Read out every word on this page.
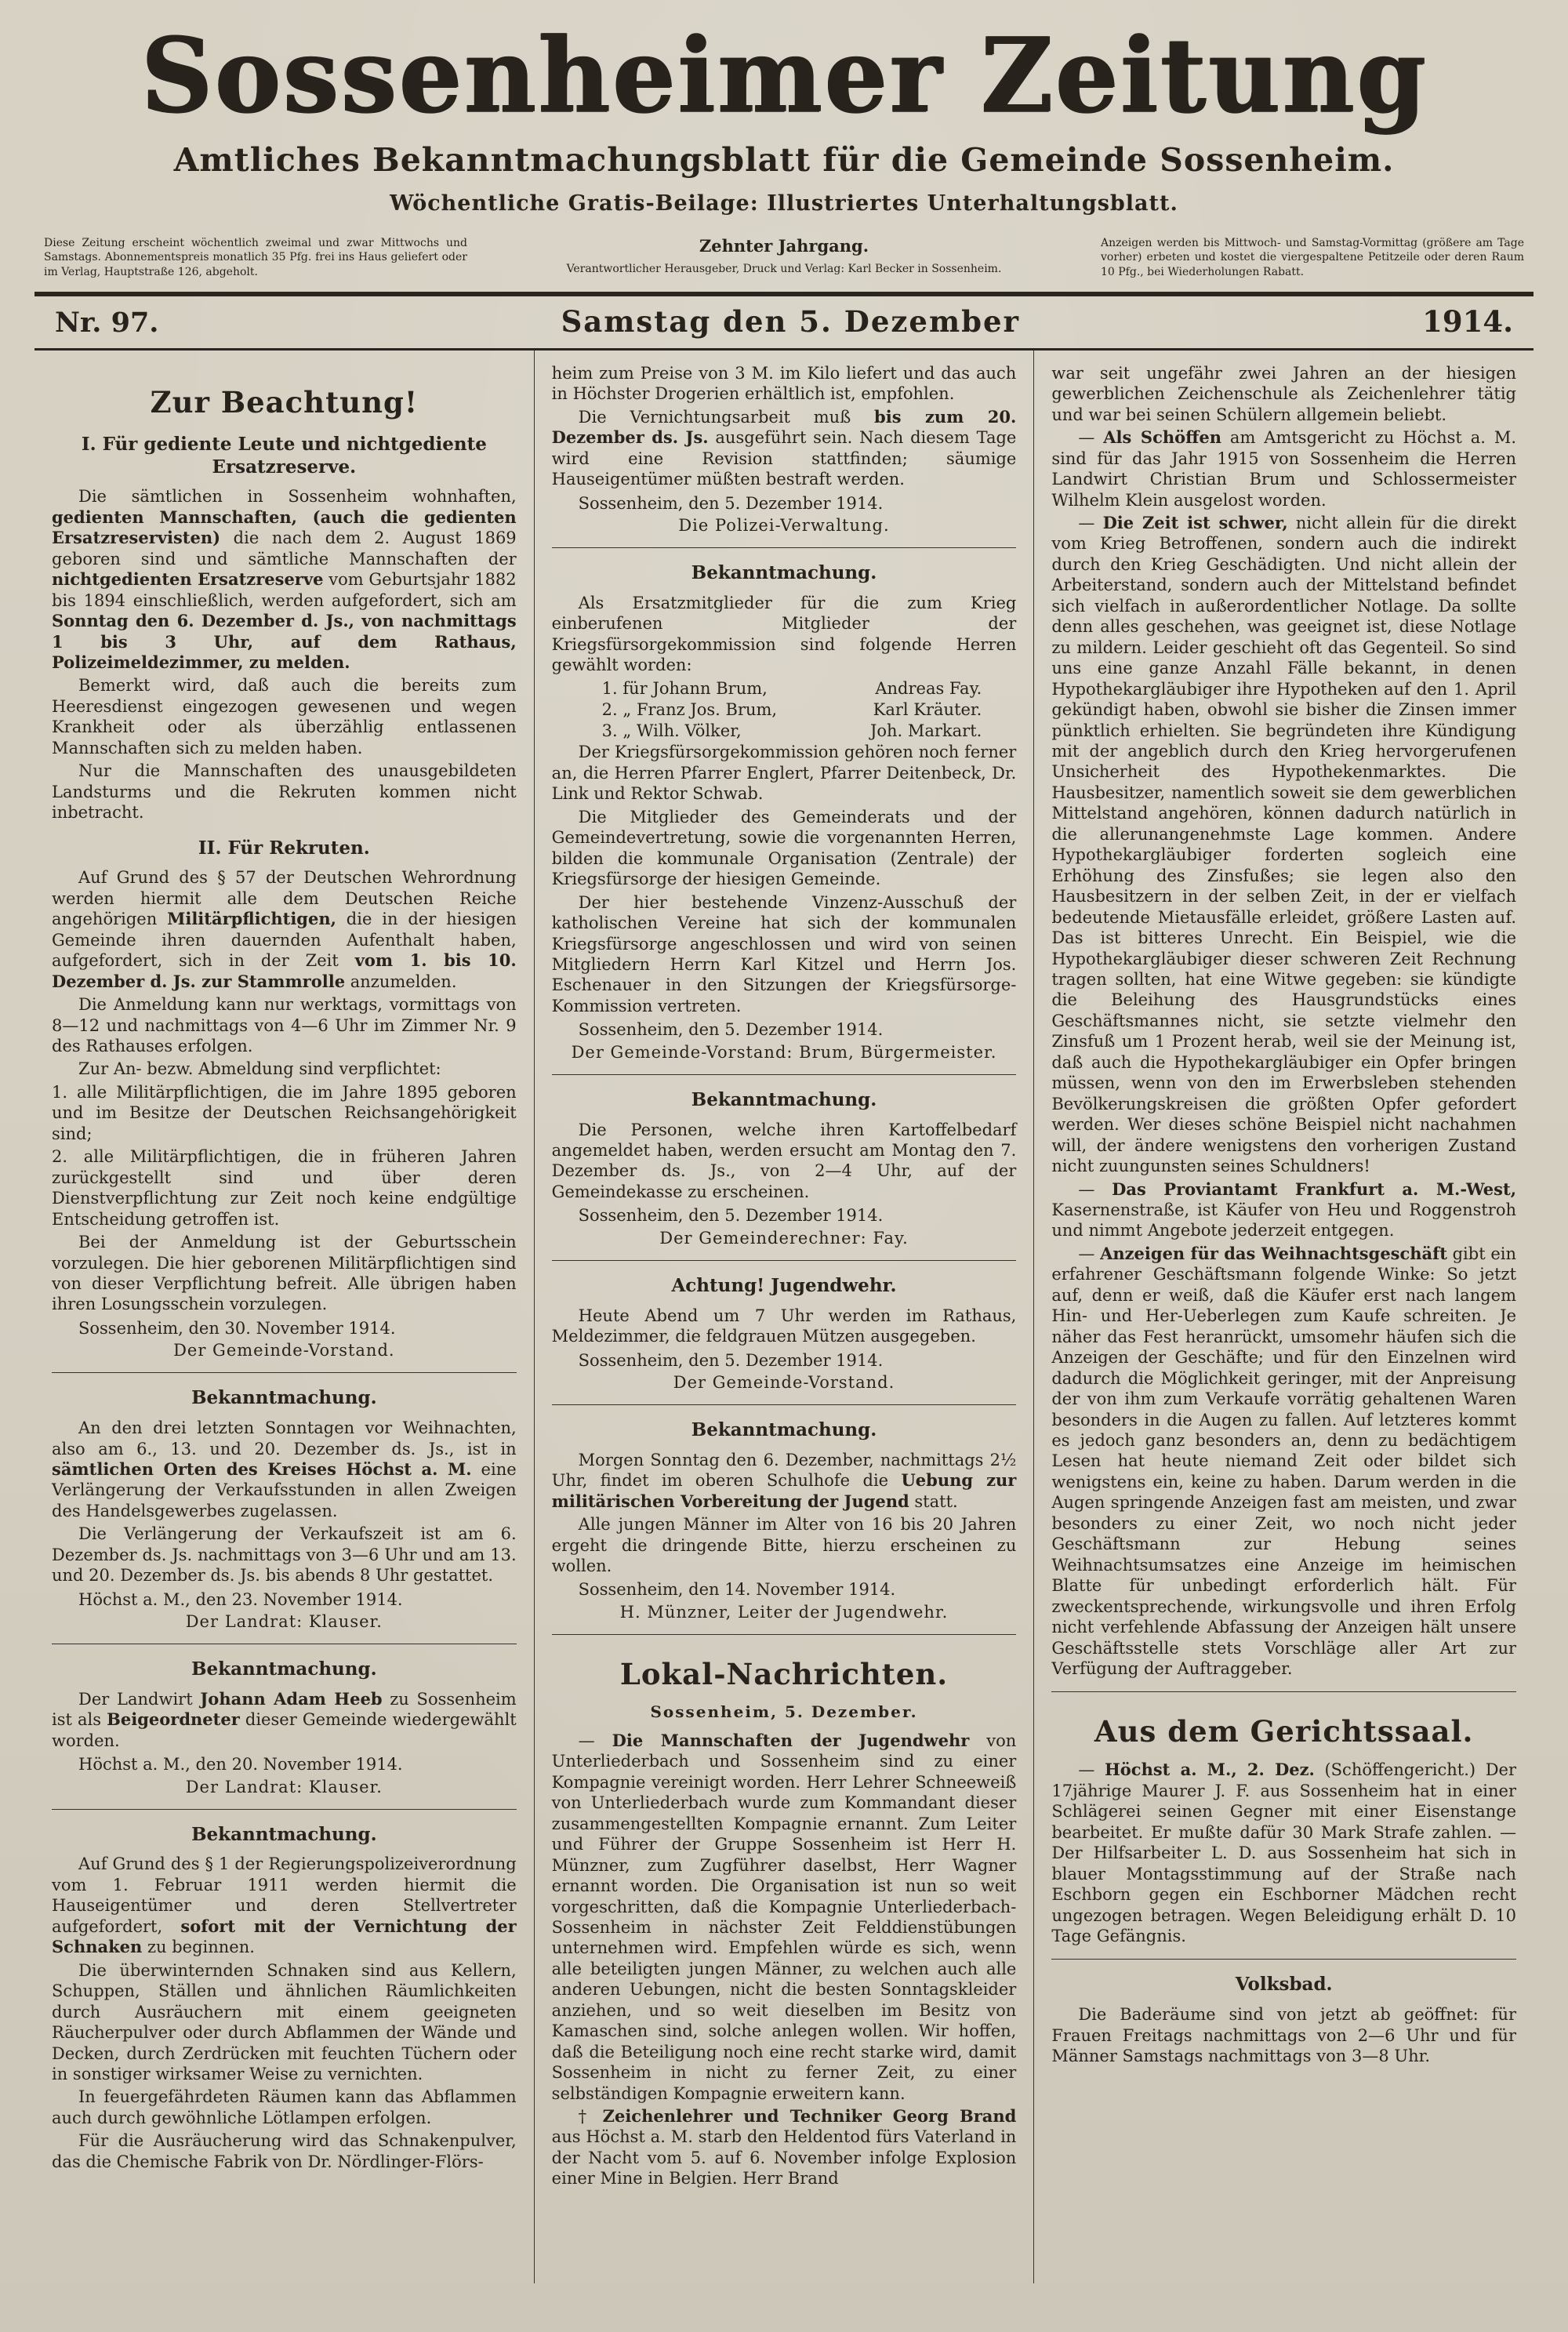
Sossenheimer Zeitung
Amtliches Bekanntmachungsblatt für die Gemeinde Sossenheim.
Wöchentliche Gratis-Beilage: Illustriertes Unterhaltungsblatt.
Diese Zeitung erscheint wöchentlich zweimal und zwar Mittwochs und Samstags. Abonnementspreis monatlich 35 Pfg. frei ins Haus geliefert oder im Verlag, Hauptstraße 126, abgeholt.
Zehnter Jahrgang.
Verantwortlicher Herausgeber, Druck und Verlag: Karl Becker in Sossenheim.
Anzeigen werden bis Mittwoch- und Samstag-Vormittag (größere am Tage vorher) erbeten und kostet die viergespaltene Petitzeile oder deren Raum 10 Pfg., bei Wiederholungen Rabatt.
Nr. 97.	Samstag den 5. Dezember	1914.
Zur Beachtung!
I. Für gediente Leute und nichtgediente Ersatzreserve.

Die sämtlichen in Sossenheim wohnhaften, gedienten Mannschaften, (auch die gedienten Ersatzreservisten) die nach dem 2. August 1869 geboren sind und sämtliche Mannschaften der nichtgedienten Ersatzreserve vom Geburtsjahr 1882 bis 1894 einschließlich, werden aufgefordert, sich am Sonntag den 6. Dezember d. Js., von nachmittags 1 bis 3 Uhr, auf dem Rathaus, Polizeimeldezimmer, zu melden.

Bemerkt wird, daß auch die bereits zum Heeresdienst eingezogen gewesenen und wegen Krankheit oder als überzählig entlassenen Mannschaften sich zu melden haben.

Nur die Mannschaften des unausgebildeten Landsturms und die Rekruten kommen nicht inbetracht.

II. Für Rekruten.

Auf Grund des § 57 der Deutschen Wehrordnung werden hiermit alle dem Deutschen Reiche angehörigen Militärpflichtigen, die in der hiesigen Gemeinde ihren dauernden Aufenthalt haben, aufgefordert, sich in der Zeit vom 1. bis 10. Dezember d. Js. zur Stammrolle anzumelden.

Die Anmeldung kann nur werktags, vormittags von 8—12 und nachmittags von 4—6 Uhr im Zimmer Nr. 9 des Rathauses erfolgen.

Zur An- bezw. Abmeldung sind verpflichtet:

1. alle Militärpflichtigen, die im Jahre 1895 geboren und im Besitze der Deutschen Reichsangehörigkeit sind;

2. alle Militärpflichtigen, die in früheren Jahren zurückgestellt sind und über deren Dienstverpflichtung zur Zeit noch keine endgültige Entscheidung getroffen ist.

Bei der Anmeldung ist der Geburtsschein vorzulegen. Die hier geborenen Militärpflichtigen sind von dieser Verpflichtung befreit. Alle übrigen haben ihren Losungsschein vorzulegen.

Sossenheim, den 30. November 1914.

Der Gemeinde-Vorstand.

Bekanntmachung.

An den drei letzten Sonntagen vor Weihnachten, also am 6., 13. und 20. Dezember ds. Js., ist in sämtlichen Orten des Kreises Höchst a. M. eine Verlängerung der Verkaufsstunden in allen Zweigen des Handelsgewerbes zugelassen.

Die Verlängerung der Verkaufszeit ist am 6. Dezember ds. Js. nachmittags von 3—6 Uhr und am 13. und 20. Dezember ds. Js. bis abends 8 Uhr gestattet.

Höchst a. M., den 23. November 1914.

Der Landrat: Klauser.

Bekanntmachung.

Der Landwirt Johann Adam Heeb zu Sossenheim ist als Beigeordneter dieser Gemeinde wiedergewählt worden.

Höchst a. M., den 20. November 1914.

Der Landrat: Klauser.

Bekanntmachung.

Auf Grund des § 1 der Regierungspolizeiverordnung vom 1. Februar 1911 werden hiermit die Hauseigentümer und deren Stellvertreter aufgefordert, sofort mit der Vernichtung der Schnaken zu beginnen.

Die überwinternden Schnaken sind aus Kellern, Schuppen, Ställen und ähnlichen Räumlichkeiten durch Ausräuchern mit einem geeigneten Räucherpulver oder durch Abflammen der Wände und Decken, durch Zerdrücken mit feuchten Tüchern oder in sonstiger wirksamer Weise zu vernichten.

In feuergefährdeten Räumen kann das Abflammen auch durch gewöhnliche Lötlampen erfolgen.

Für die Ausräucherung wird das Schnakenpulver, das die Chemische Fabrik von Dr. Nördlinger-Flörs-

heim zum Preise von 3 M. im Kilo liefert und das auch in Höchster Drogerien erhältlich ist, empfohlen.

Die Vernichtungsarbeit muß bis zum 20. Dezember ds. Js. ausgeführt sein. Nach diesem Tage wird eine Revision stattfinden; säumige Hauseigentümer müßten bestraft werden.

Sossenheim, den 5. Dezember 1914.

Die Polizei-Verwaltung.

Bekanntmachung.

Als Ersatzmitglieder für die zum Krieg einberufenen Mitglieder der Kriegsfürsorgekommission sind folgende Herren gewählt worden:

1. für Johann Brum,	Andreas Fay.
2. „ Franz Jos. Brum,	Karl Kräuter.
3. „ Wilh. Völker,	Joh. Markart.

Der Kriegsfürsorgekommission gehören noch ferner an, die Herren Pfarrer Englert, Pfarrer Deitenbeck, Dr. Link und Rektor Schwab.

Die Mitglieder des Gemeinderats und der Gemeindevertretung, sowie die vorgenannten Herren, bilden die kommunale Organisation (Zentrale) der Kriegsfürsorge der hiesigen Gemeinde.

Der hier bestehende Vinzenz-Ausschuß der katholischen Vereine hat sich der kommunalen Kriegsfürsorge angeschlossen und wird von seinen Mitgliedern Herrn Karl Kitzel und Herrn Jos. Eschenauer in den Sitzungen der Kriegsfürsorge-Kommission vertreten.

Sossenheim, den 5. Dezember 1914.

Der Gemeinde-Vorstand: Brum, Bürgermeister.

Bekanntmachung.

Die Personen, welche ihren Kartoffelbedarf angemeldet haben, werden ersucht am Montag den 7. Dezember ds. Js., von 2—4 Uhr, auf der Gemeindekasse zu erscheinen.

Sossenheim, den 5. Dezember 1914.

Der Gemeinderechner: Fay.

Achtung! Jugendwehr.

Heute Abend um 7 Uhr werden im Rathaus, Meldezimmer, die feldgrauen Mützen ausgegeben.

Sossenheim, den 5. Dezember 1914.

Der Gemeinde-Vorstand.

Bekanntmachung.

Morgen Sonntag den 6. Dezember, nachmittags 2½ Uhr, findet im oberen Schulhofe die Uebung zur militärischen Vorbereitung der Jugend statt.

Alle jungen Männer im Alter von 16 bis 20 Jahren ergeht die dringende Bitte, hierzu erscheinen zu wollen.

Sossenheim, den 14. November 1914.

H. Münzner, Leiter der Jugendwehr.

Lokal-Nachrichten.
Sossenheim, 5. Dezember.

— Die Mannschaften der Jugendwehr von Unterliederbach und Sossenheim sind zu einer Kompagnie vereinigt worden. Herr Lehrer Schneeweiß von Unterliederbach wurde zum Kommandant dieser zusammengestellten Kompagnie ernannt. Zum Leiter und Führer der Gruppe Sossenheim ist Herr H. Münzner, zum Zugführer daselbst, Herr Wagner ernannt worden. Die Organisation ist nun so weit vorgeschritten, daß die Kompagnie Unterliederbach-Sossenheim in nächster Zeit Felddienstübungen unternehmen wird. Empfehlen würde es sich, wenn alle beteiligten jungen Männer, zu welchen auch alle anderen Uebungen, nicht die besten Sonntagskleider anziehen, und so weit dieselben im Besitz von Kamaschen sind, solche anlegen wollen. Wir hoffen, daß die Beteiligung noch eine recht starke wird, damit Sossenheim in nicht zu ferner Zeit, zu einer selbständigen Kompagnie erweitern kann.

† Zeichenlehrer und Techniker Georg Brand aus Höchst a. M. starb den Heldentod fürs Vaterland in der Nacht vom 5. auf 6. November infolge Explosion einer Mine in Belgien. Herr Brand

war seit ungefähr zwei Jahren an der hiesigen gewerblichen Zeichenschule als Zeichenlehrer tätig und war bei seinen Schülern allgemein beliebt.

— Als Schöffen am Amtsgericht zu Höchst a. M. sind für das Jahr 1915 von Sossenheim die Herren Landwirt Christian Brum und Schlossermeister Wilhelm Klein ausgelost worden.

— Die Zeit ist schwer, nicht allein für die direkt vom Krieg Betroffenen, sondern auch die indirekt durch den Krieg Geschädigten. Und nicht allein der Arbeiterstand, sondern auch der Mittelstand befindet sich vielfach in außerordentlicher Notlage. Da sollte denn alles geschehen, was geeignet ist, diese Notlage zu mildern. Leider geschieht oft das Gegenteil. So sind uns eine ganze Anzahl Fälle bekannt, in denen Hypothekargläubiger ihre Hypotheken auf den 1. April gekündigt haben, obwohl sie bisher die Zinsen immer pünktlich erhielten. Sie begründeten ihre Kündigung mit der angeblich durch den Krieg hervorgerufenen Unsicherheit des Hypothekenmarktes. Die Hausbesitzer, namentlich soweit sie dem gewerblichen Mittelstand angehören, können dadurch natürlich in die allerunangenehmste Lage kommen. Andere Hypothekargläubiger forderten sogleich eine Erhöhung des Zinsfußes; sie legen also den Hausbesitzern in der selben Zeit, in der er vielfach bedeutende Mietausfälle erleidet, größere Lasten auf. Das ist bitteres Unrecht. Ein Beispiel, wie die Hypothekargläubiger dieser schweren Zeit Rechnung tragen sollten, hat eine Witwe gegeben: sie kündigte die Beleihung des Hausgrundstücks eines Geschäftsmannes nicht, sie setzte vielmehr den Zinsfuß um 1 Prozent herab, weil sie der Meinung ist, daß auch die Hypothekargläubiger ein Opfer bringen müssen, wenn von den im Erwerbsleben stehenden Bevölkerungskreisen die größten Opfer gefordert werden. Wer dieses schöne Beispiel nicht nachahmen will, der ändere wenigstens den vorherigen Zustand nicht zuungunsten seines Schuldners!

— Das Proviantamt Frankfurt a. M.-West, Kasernenstraße, ist Käufer von Heu und Roggenstroh und nimmt Angebote jederzeit entgegen.

— Anzeigen für das Weihnachtsgeschäft gibt ein erfahrener Geschäftsmann folgende Winke: So jetzt auf, denn er weiß, daß die Käufer erst nach langem Hin- und Her-Ueberlegen zum Kaufe schreiten. Je näher das Fest heranrückt, umsomehr häufen sich die Anzeigen der Geschäfte; und für den Einzelnen wird dadurch die Möglichkeit geringer, mit der Anpreisung der von ihm zum Verkaufe vorrätig gehaltenen Waren besonders in die Augen zu fallen. Auf letzteres kommt es jedoch ganz besonders an, denn zu bedächtigem Lesen hat heute niemand Zeit oder bildet sich wenigstens ein, keine zu haben. Darum werden in die Augen springende Anzeigen fast am meisten, und zwar besonders zu einer Zeit, wo noch nicht jeder Geschäftsmann zur Hebung seines Weihnachtsumsatzes eine Anzeige im heimischen Blatte für unbedingt erforderlich hält. Für zweckentsprechende, wirkungsvolle und ihren Erfolg nicht verfehlende Abfassung der Anzeigen hält unsere Geschäftsstelle stets Vorschläge aller Art zur Verfügung der Auftraggeber.

Aus dem Gerichtssaal.

— Höchst a. M., 2. Dez. (Schöffengericht.) Der 17jährige Maurer J. F. aus Sossenheim hat in einer Schlägerei seinen Gegner mit einer Eisenstange bearbeitet. Er mußte dafür 30 Mark Strafe zahlen. — Der Hilfsarbeiter L. D. aus Sossenheim hat sich in blauer Montagsstimmung auf der Straße nach Eschborn gegen ein Eschborner Mädchen recht ungezogen betragen. Wegen Beleidigung erhält D. 10 Tage Gefängnis.

Volksbad.

Die Baderäume sind von jetzt ab geöffnet: für Frauen Freitags nachmittags von 2—6 Uhr und für Männer Samstags nachmittags von 3—8 Uhr.
